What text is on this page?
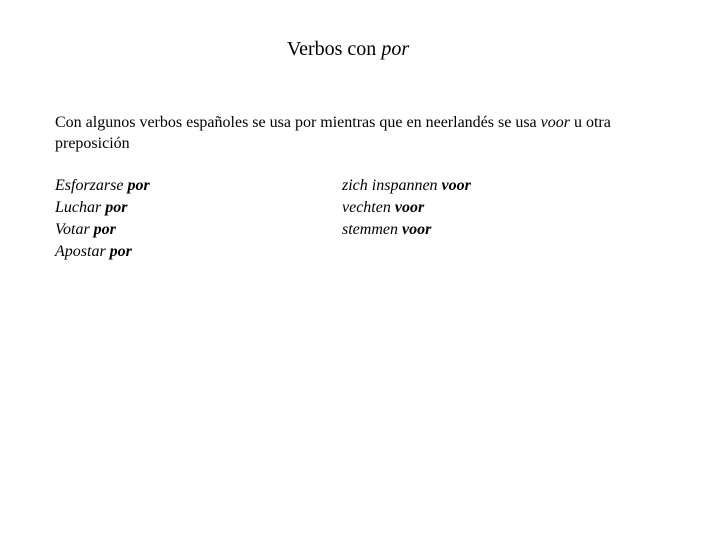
Verbos con por
Con algunos verbos españoles se usa por mientras que en neerlandés se usa voor u otra preposición
Esforzarse por
Luchar por
Votar por
Apostar por
zich inspannen voor
vechten voor
stemmen voor
